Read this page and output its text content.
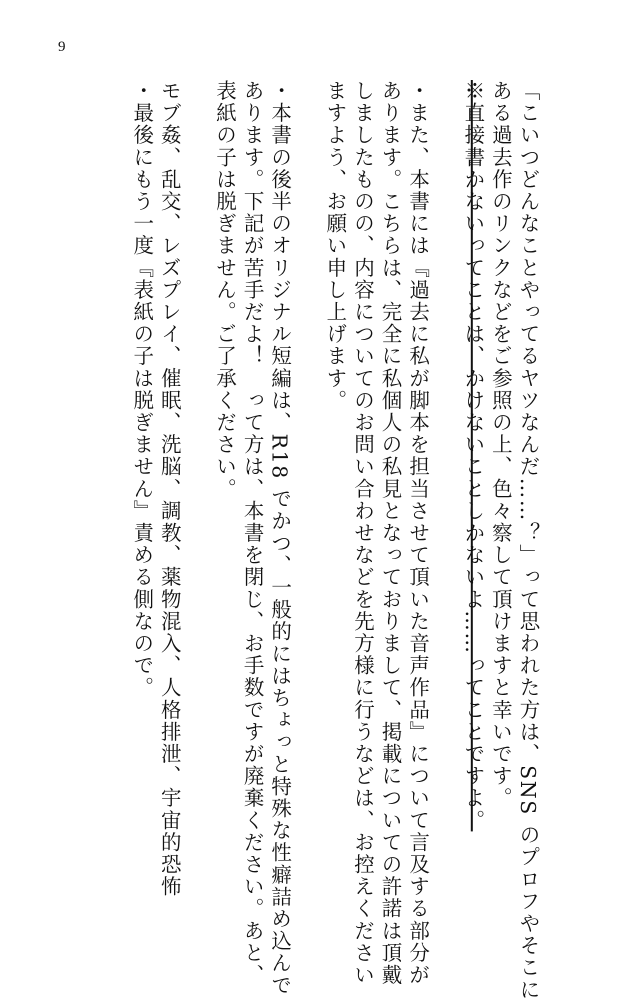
9
「こいつどんなことやってるヤツなんだ……？」って思われた方は、SNS のプロフやそこに
ある過去作のリンクなどをご参照の上、色々察して頂けますと幸いです。
※直接書かないってことは、かけないことしかないよ……ってことですよ。
・また、本書には『過去に私が脚本を担当させて頂いた音声作品』について言及する部分が
あります。こちらは、完全に私個人の私見となっておりまして、掲載についての許諾は頂戴
しましたものの、内容についてのお問い合わせなどを先方様に行うなどは、お控えください
ますよう、お願い申し上げます。
・本書の後半のオリジナル短編は、R18 でかつ、一般的にはちょっと特殊な性癖詰め込んで
あります。下記が苦手だよ！　って方は、本書を閉じ、お手数ですが廃棄ください。あと、
表紙の子は脱ぎません。ご了承ください。
モブ姦、乱交、レズプレイ、催眠、洗脳、調教、薬物混入、人格排泄、宇宙的恐怖
・最後にもう一度『表紙の子は脱ぎません』責める側なので。
